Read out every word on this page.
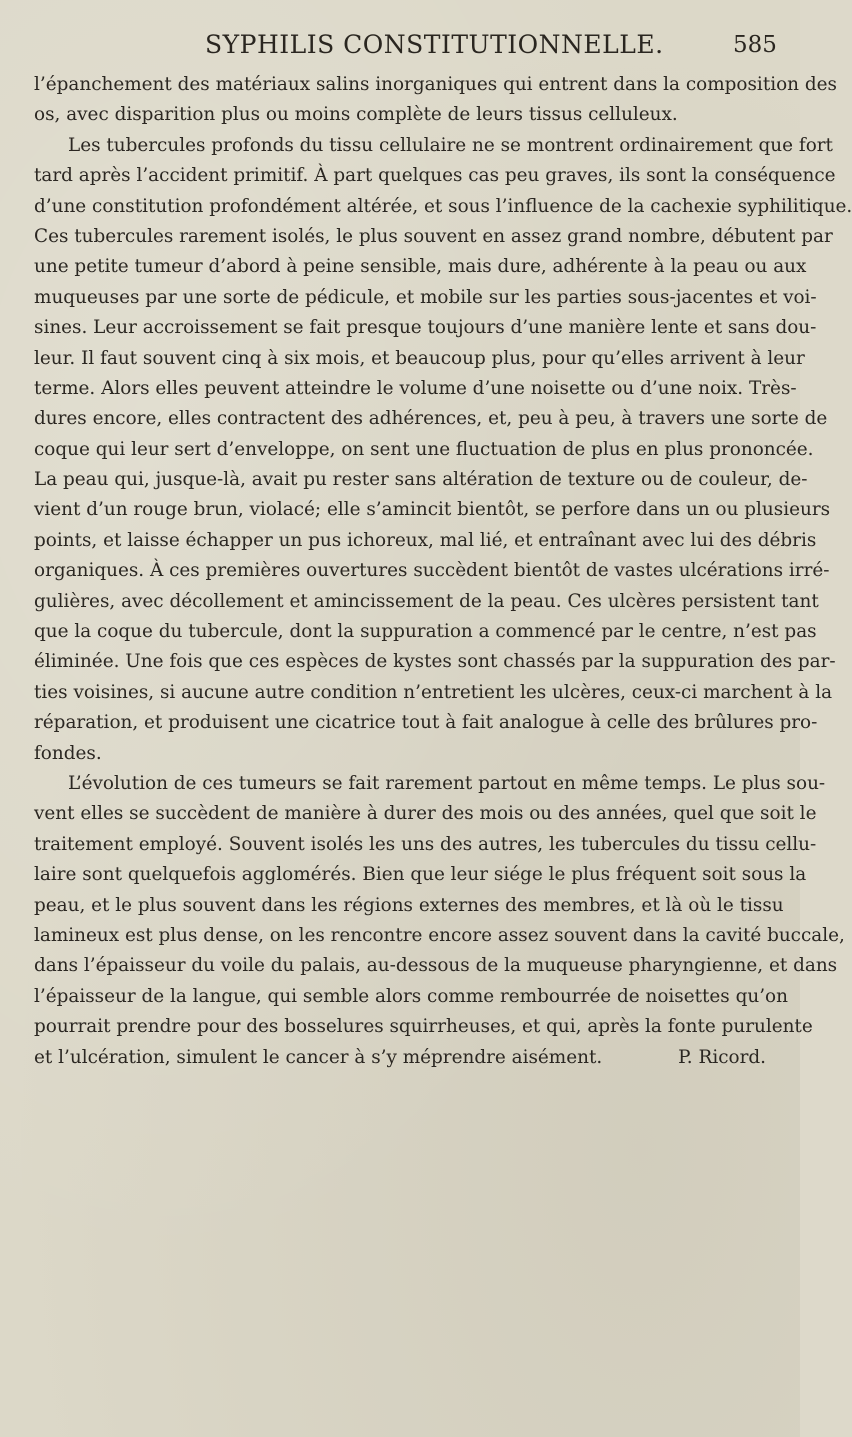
SYPHILIS CONSTITUTIONNELLE.	585
l’épanchement des matériaux salins inorganiques qui entrent dans la composition des
os, avec disparition plus ou moins complète de leurs tissus celluleux.
Les tubercules profonds du tissu cellulaire ne se montrent ordinairement que fort
tard après l’accident primitif. À part quelques cas peu graves, ils sont la conséquence
d’une constitution profondément altérée, et sous l’influence de la cachexie syphilitique.
Ces tubercules rarement isolés, le plus souvent en assez grand nombre, débutent par
une petite tumeur d’abord à peine sensible, mais dure, adhérente à la peau ou aux
muqueuses par une sorte de pédicule, et mobile sur les parties sous-jacentes et voi-
sines. Leur accroissement se fait presque toujours d’une manière lente et sans dou-
leur. Il faut souvent cinq à six mois, et beaucoup plus, pour qu’elles arrivent à leur
terme. Alors elles peuvent atteindre le volume d’une noisette ou d’une noix. Très-
dures encore, elles contractent des adhérences, et, peu à peu, à travers une sorte de
coque qui leur sert d’enveloppe, on sent une fluctuation de plus en plus prononcée.
La peau qui, jusque-là, avait pu rester sans altération de texture ou de couleur, de-
vient d’un rouge brun, violacé; elle s’amincit bientôt, se perfore dans un ou plusieurs
points, et laisse échapper un pus ichoreux, mal lié, et entraînant avec lui des débris
organiques. À ces premières ouvertures succèdent bientôt de vastes ulcérations irré-
gulières, avec décollement et amincissement de la peau. Ces ulcères persistent tant
que la coque du tubercule, dont la suppuration a commencé par le centre, n’est pas
éliminée. Une fois que ces espèces de kystes sont chassés par la suppuration des par-
ties voisines, si aucune autre condition n’entretient les ulcères, ceux-ci marchent à la
réparation, et produisent une cicatrice tout à fait analogue à celle des brûlures pro-
fondes.
L’évolution de ces tumeurs se fait rarement partout en même temps. Le plus sou-
vent elles se succèdent de manière à durer des mois ou des années, quel que soit le
traitement employé. Souvent isolés les uns des autres, les tubercules du tissu cellu-
laire sont quelquefois agglomérés. Bien que leur siége le plus fréquent soit sous la
peau, et le plus souvent dans les régions externes des membres, et là où le tissu
lamineux est plus dense, on les rencontre encore assez souvent dans la cavité buccale,
dans l’épaisseur du voile du palais, au-dessous de la muqueuse pharyngienne, et dans
l’épaisseur de la langue, qui semble alors comme rembourrée de noisettes qu’on
pourrait prendre pour des bosselures squirrheuses, et qui, après la fonte purulente
et l’ulcération, simulent le cancer à s’y méprendre aisément.	P. Ricord.
